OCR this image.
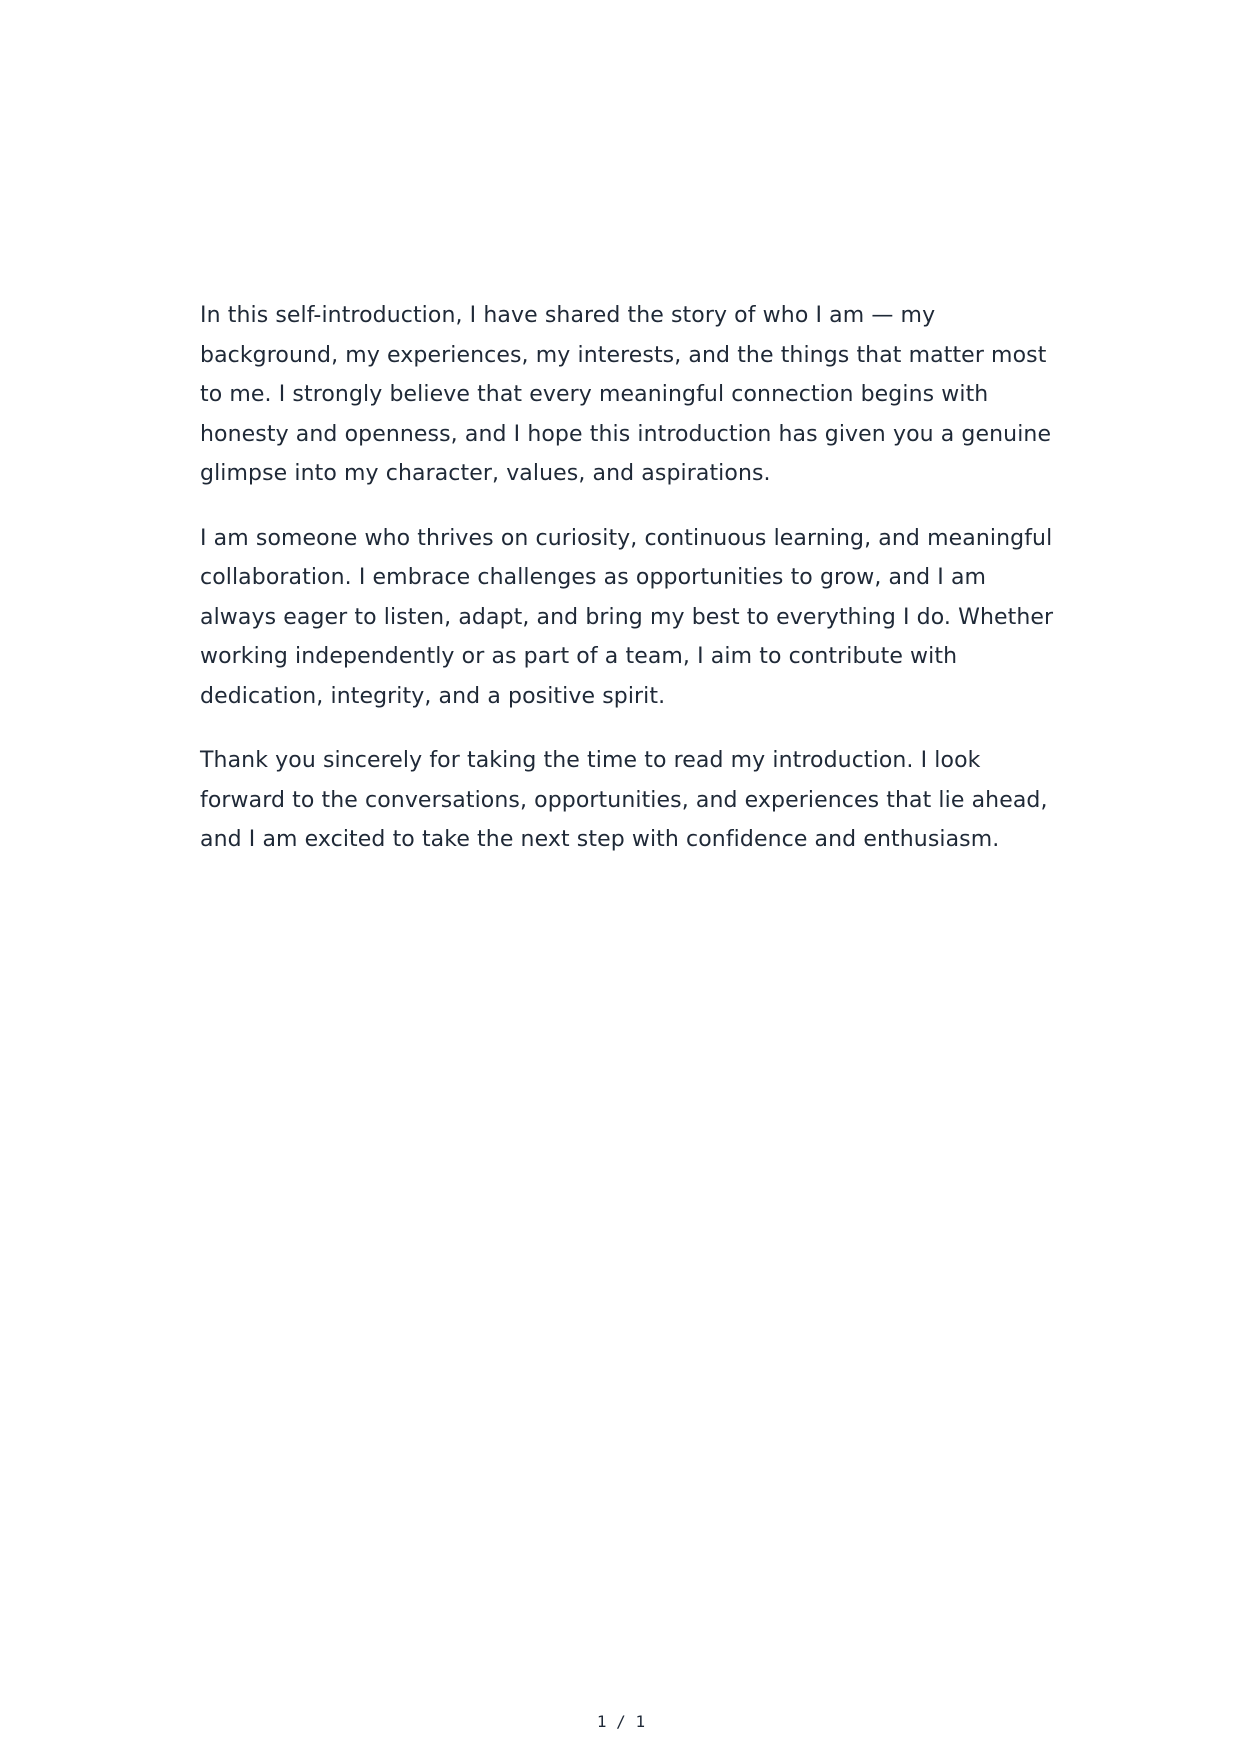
In this self-introduction, I have shared the story of who I am — my background, my experiences, my interests, and the things that matter most to me. I strongly believe that every meaningful connection begins with honesty and openness, and I hope this introduction has given you a genuine glimpse into my character, values, and aspirations.

I am someone who thrives on curiosity, continuous learning, and meaningful collaboration. I embrace challenges as opportunities to grow, and I am always eager to listen, adapt, and bring my best to everything I do. Whether working independently or as part of a team, I aim to contribute with dedication, integrity, and a positive spirit.

Thank you sincerely for taking the time to read my introduction. I look forward to the conversations, opportunities, and experiences that lie ahead, and I am excited to take the next step with confidence and enthusiasm.

1 / 1
